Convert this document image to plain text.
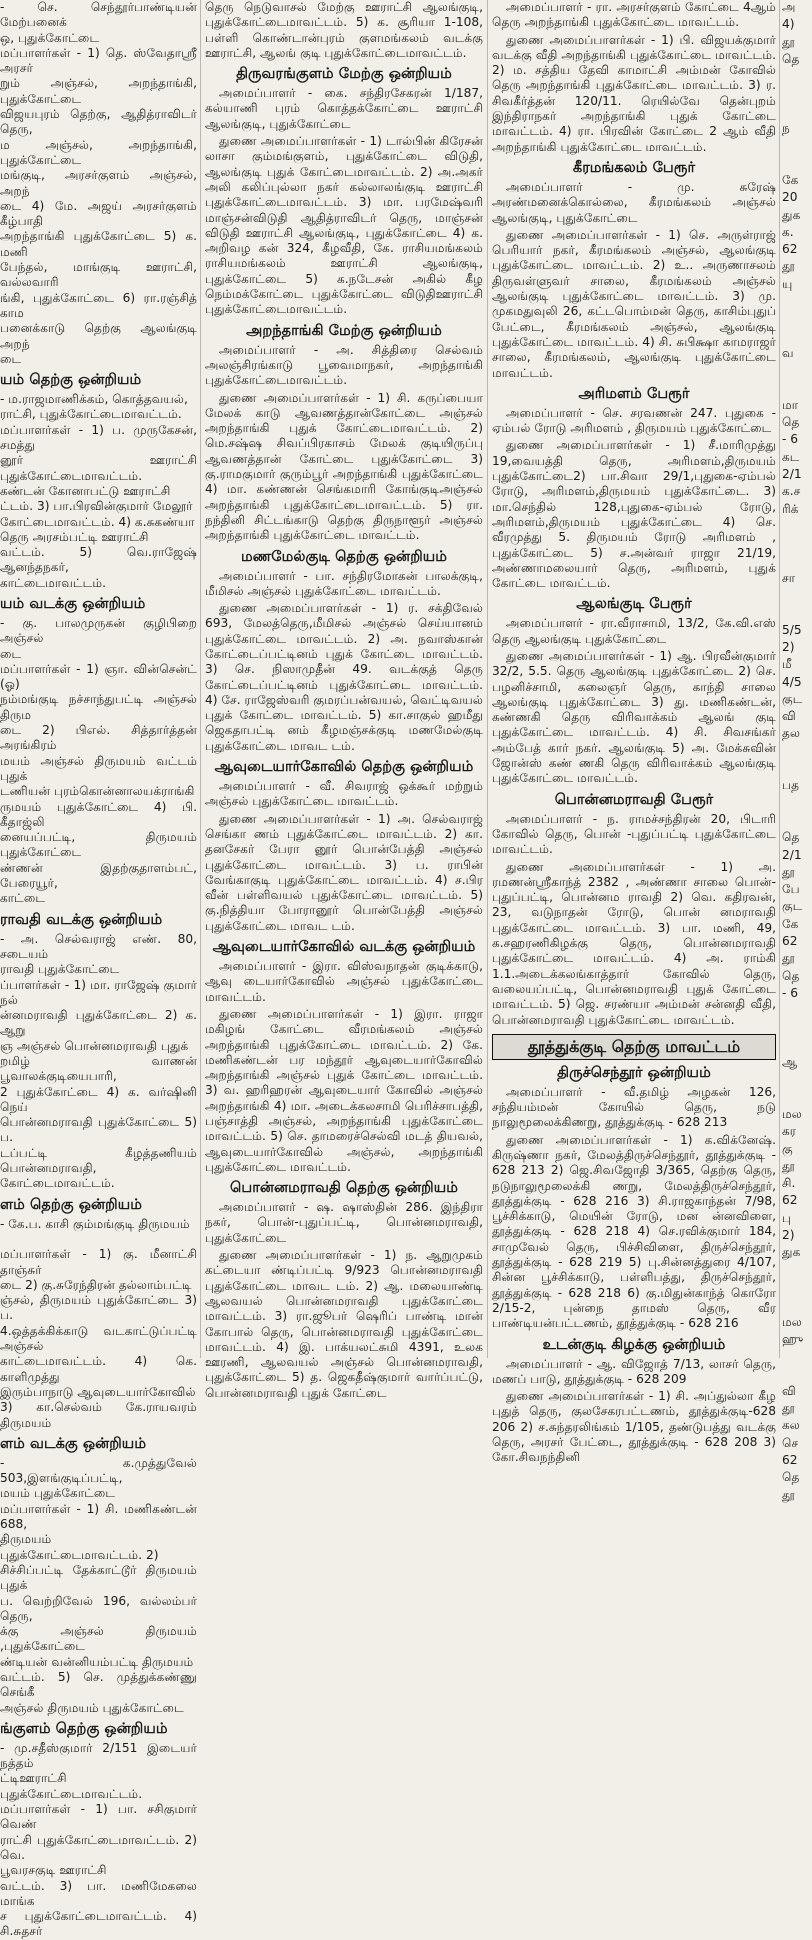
- செ. செந்தூர்பாண்டியன் மேற்பனைக்
ஒ, புதுக்கோட்டை
மப்பாளர்கள் - 1) தெ. ஸ்வேதாஸ்ரீ அரசர்
றும் அஞ்சல், அறந்தாங்கி, புதுக்கோட்டை
விஜயபுரம் தெற்கு, ஆதித்ராவிடர் தெரு,
ம அஞ்சல், அறந்தாங்கி, புதுக்கோட்டை
மங்குடி, அரசர்குளம் அஞ்சல், அறந்
டை 4) மே. அஜய் அரசர்குளம் கீழ்பாதி
அறந்தாங்கி புதுக்கோட்டை 5) க. மணி
பேந்தல், மாங்குடி ஊராட்சி, வல்லவாரி
ங்கி, புதுக்கோட்டை 6) ரா.ரஞ்சித் காம
பனைக்காடு தெற்கு ஆலங்குடி அறந்
டை
யம் தெற்கு ஒன்றியம்
- ம.ராஜமாணிக்கம், கொத்தவயல்,
ராட்சி, புதுக்கோட்டைமாவட்டம்.
மப்பாளர்கள் - 1) ப. முருகேசன், சமத்து
னூர் ஊராட்சி புதுக்கோட்டைமாவட்டம்.
கண்டன் கோனாபட்டு ஊராட்சி
ட்டம். 3) பா.பிரவின்குமார் மேலூர்
கோட்டைமாவட்டம். 4) க.சுகண்யா
தெரு அரசம்பட்டி ஊராட்சி
வட்டம். 5) வெ.ராஜேஷ் ஆனந்தநகர்,
காட்டைமாவட்டம்.
யம் வடக்கு ஒன்றியம்
- கு. பாலமுருகன் குழிபிறை அஞ்சல்
டை
மப்பாளர்கள் - 1) ஞா. வின்சென்ட் (ஓ)
நம்மங்குடி நச்சாந்துபட்டி அஞ்சல் திரும
டை 2) பிஎல். சித்தார்த்தன் அரங்கிரம்
மயம் அஞ்சல் திருமயம் வட்டம் புதுக்
டணியன் புரம்கொன்னாலயக்ராங்கி
ருமயம் புதுக்கோட்டை 4) பி. கீதாஜ்லி
னையப்பட்டி, திருமயம் புதுக்கோட்டை
ண்ணன் இதற்குதாளம்பட், பேரையூர்,
காட்டை
ராவதி வடக்கு ஒன்றியம்
- அ. செல்வராஜ் எண். 80, சடையம்
ராவதி புதுக்கோட்டை
ப்பாளர்கள் - 1) மா. ராஜேஷ் குமார் நல்
ன்னமராவதி புதுக்கோட்டை 2) க. ஆறு
ஞ அஞ்சல் பொன்னமராவதி புதுக்
றமிழ் வாணன் பூவாலக்குடியைபாரி,
2 புதுக்கோட்டை 4) க. வர்ஷினி நெய்
பொன்னமராவதி புதுக்கோட்டை 5) ப.
டப்பட்டி கீழத்தணியம் பொன்னமராவதி,
கோட்டைமாவட்டம்.
ளம் தெற்கு ஒன்றியம்
- கே.ப. காசி கும்மங்குடி திருமயம்

மப்பாளர்கள் - 1) கு. மீனாட்சி தாஞ்சுர்
டை 2) கு.சுரேந்திரன் தல்லாம்பட்டி
ஞ்சல், திருமயம் புதுக்கோட்டை 3) ப.
4.ஒத்தக்கிக்காடு வடகாட்டுப்பட்டி அஞ்சல்
காட்டைமாவட்டம். 4) கெ. காளிமுத்து
இரும்பாநாடு ஆவுடையார்கோவில்
3) கா.செல்வம் கே.ராயவரம் திருமயம்
ளம் வடக்கு ஒன்றியம்
- க.முத்துவேல் 503,இளங்குடிப்பட்டி,
மயம் புதுக்கோட்டை
மப்பாளர்கள் - 1) சி. மணிகண்டன் 688,
திருமயம் புதுக்கோட்டைமாவட்டம். 2)
சிச்சிப்பட்டி தேக்காட்டூர் திருமயம் புதுக்
ப. வெற்றிவேல் 196, வல்லம்பர் தெரு,
க்கு அஞ்சல் திருமயம் ,புதுக்கோட்டை
ண்டியன் வன்னியம்பட்டி திருமயம்
வட்டம். 5) செ. முத்துக்கண்ணு செங்கீ
அஞ்சல் திருமயம் புதுக்கோட்டை
ங்குளம் தெற்கு ஒன்றியம்
- மு.சதீஸ்குமார் 2/151 இடையர் நத்தம்
ட்டிஊராட்சி புதுக்கோட்டைமாவட்டம்.
மப்பாளர்கள் - 1) பா. சசிகுமார் வெண்
ராட்சி புதுக்கோட்டைமாவட்டம். 2) வெ.
பூவரசகுடி ஊராட்சி
வட்டம். 3) பா. மணிமேகலை மாங்க
ச புதுக்கோட்டைமாவட்டம். 4) சி.சுதசர்

தெரு நெடுவாசல் மேற்கு ஊராட்சி ஆலங்குடி, புதுக்கோட்டைமாவட்டம். 5) க. சூரியா 1-108, பள்ளி கொண்டான்புரம் குளமங்கலம் வடக்கு ஊராட்சி, ஆலங் குடி புதுக்கோட்டைமாவட்டம்.

திருவரங்குளம் மேற்கு ஒன்றியம்

அமைப்பாளர் - கை. சந்திரசேகரன் 1/187, கல்யாணி புரம் கொத்தக்கோட்டை ஊராட்சி ஆலங்குடி, புதுக்கோட்டை

துணை அமைப்பாளர்கள் - 1) டால்பின் கிரேசன் லாசா கும்மங்குளம், புதுக்கோட்டை விடுதி, ஆலங்குடி புதுக் கோட்டைமாவட்டம். 2) அ.அகர் அலி கலிப்புல்லா நகர் கல்லாலங்குடி ஊராட்சி புதுக்கோட்டைமாவட்டம். 3) மா. பரமேஷ்வரி மாஞ்சன்விடுதி ஆதித்ராவிடர் தெரு, மாஞ்சன் விடுதி ஊராட்சி ஆலங்குடி, புதுக்கோட்டை 4) க. அறிவழ கன் 324, கீழவீதி, கே. ராசியமங்கலம் ராசியமங்கலம் ஊராட்சி ஆலங்குடி, புதுக்கோட்டை 5) க.நடேசன் அகில் கீழ நெம்மக்கோட்டை புதுக்கோட்டை விடுதிஊராட்சி புதுக்கோட்டைமாவட்டம்.

அறந்தாங்கி மேற்கு ஒன்றியம்

அமைப்பாளர் - அ. சித்திரை செல்வம் அலஞ்சிரங்காடு பூவைமாநகர், அறந்தாங்கி புதுக்கோட்டைமாவட்டம்.

துணை அமைப்பாளர்கள் - 1) சி. கருப்பையா மேலக் காடு ஆவணத்தான்கோட்டை அஞ்சல் அறந்தாங்கி புதுக் கோட்டைமாவட்டம். 2) மெ.சஷ்ஷ சிவப்பிரகாசம் மேலக் குடியிருப்பு ஆவணத்தான் கோட்டை புதுக்கோட்டை 3) கு.ராமகுமார் குரும்பூர் அறந்தாங்கி புதுக்கோட்டை 4) மா. கண்ணன் செங்கமாரி கோங்குடிஅஞ்சல் அறந்தாங்கி புதுக்கோட்டைமாவட்டம். 5) ரா. நந்தினி சிட்டங்காடு தெற்கு திருநாளூர் அஞ்சல் அறந்தாங்கி புதுக்கோட்டை மாவட்டம்.

மணமேல்குடி தெற்கு ஒன்றியம்

அமைப்பாளர் - பா. சந்திரமோகன் பாலக்குடி, மீமிசல் அஞ்சல் புதுக்கோட்டை மாவட்டம்.

துணை அமைப்பாளர்கள் - 1) ர. சக்திவேல் 693, மேலத்தெரு,மீமிசல் அஞ்சல் செய்யானம் புதுக்கோட்டை மாவட்டம். 2) அ. நவாஸ்கான் கோட்டைப்பட்டினம் புதுக் கோட்டை மாவட்டம். 3) செ. நிஸாமுதீன் 49. வடக்குத் தெரு கோட்டைப்பட்டினம் புதுக்கோட்டை மாவட்டம். 4) சே. ராஜேஸ்வரி குமரப்பன்வயல், வெட்டிவயல் புதுக் கோட்டை மாவட்டம். 5) கா.சாகுல் ஹமீது ஜெகதாபட்டி னம் கீழமஞ்சக்குடி மணமேல்குடி புதுக்கோட்டை மாவட டம்.

ஆவுடையார்கோவில் தெற்கு ஒன்றியம்

அமைப்பாளர் - வீ. சிவராஜ் ஒக்கூர் மற்றும் அஞ்சல் புதுக்கோட்டை மாவட்டம்.

துணை அமைப்பாளர்கள் - 1) அ. செல்வராஜ் செங்கா ணம் புதுக்கோட்டை மாவட்டம். 2) கா. தனசேகர் பேரா னூர் பொன்பேத்தி அஞ்சல் புதுக்கோட்டை மாவட்டம். 3) ப. ராபின் வேங்காகுடி புதுக்கோட்டை மாவட்டம். 4) ச.பிர வீன் பள்ளிவயல் புதுக்கோட்டை மாவட்டம். 5) கு.நித்தியா போரானூர் பொன்பேத்தி அஞ்சல் புதுக்கோட்டை மாவட டம்.

ஆவுடையார்கோவில் வடக்கு ஒன்றியம்

அமைப்பாளர் - இரா. விஸ்வநாதன் குடிக்காடு, ஆவு டையார்கோவில் அஞ்சல் புதுக்கோட்டை மாவட்டம்.

துணை அமைப்பாளர்கள் - 1) இரா. ராஜா மகிழங் கோட்டை வீரமங்கலம் அஞ்சல் அறந்தாங்கி புதுக்கோட்டை மாவட்டம். 2) கே. மணிகண்டன் பர மந்தூர் ஆவுடையார்கோவில் அறந்தாங்கி அஞ்சல் புதுக் கோட்டை மாவட்டம். 3) வ. ஹரிஹரன் ஆவுடையார் கோவில் அஞ்சல் அறந்தாங்கி 4) மா. அடைக்கலசாமி பெரிச்சாபத்தி, பஞ்சாத்தி அஞ்சல், அறந்தாங்கி புதுக்கோட்டை மாவட்டம். 5) செ. தாமரைச்செல்வி மடத் தியவல், ஆவுடையார்கோவில் அஞ்சல், அறந்தாங்கி புதுக்கோட்டை மாவட்டம்.

பொன்னமராவதி தெற்கு ஒன்றியம்

அமைப்பாளர் - ஷ. ஷாஸ்தின் 286. இந்திரா நகர், பொன்-புதுப்பட்டி, பொன்னமராவதி, புதுக்கோட்டை

துணை அமைப்பாளர்கள் - 1) ந. ஆறுமுகம் கட்டையா ண்டிப்பட்டி 9/923 பொன்னமராவதி புதுக்கோட்டை மாவட டம். 2) ஆ. மலையாண்டி ஆலவயல் பொன்னமராவதி புதுக்கோட்டை மாவட்டம். 3) ரா.ஜூபர் ஷெரிப் பாண்டி மான் கோபால் தெரு, பொன்னமராவதி புதுக்கோட்டை மாவட்டம். 4) இ. பாக்யலட்சுமி 4391, உலக ஊரணி, ஆலவயல் அஞ்சல் பொன்னமராவதி, புதுக்கோட்டை 5) த. ஜெகதீஷ்குமார் வார்ப்பட்டு, பொன்னமராவதி புதுக் கோட்டை

அமைப்பாளர் - ரா. அரசர்குளம் கோட்டை 4ஆம் தெரு அறந்தாங்கி புதுக்கோட்டை மாவட்டம்.

துணை அமைப்பாளர்கள் - 1) பி. விஜயக்குமார் வடக்கு வீதி அறந்தாங்கி புதுக்கோட்டை மாவட்டம். 2) ம. சத்திய தேவி காமாட்சி அம்மன் கோவில் தெரு அறந்தாங்கி புதுக்கோட்டை மாவட்டம். 3) ர. சிவகீர்த்தன் 120/11. ரெயில்வே தென்புறம் இந்திராநகர் அறந்தாங்கி புதுக் கோட்டை மாவட்டம். 4) ரா. பிரவின் கோட்டை 2 ஆம் வீதி அறந்தாங்கி புதுக்கோட்டை மாவட்டம்.

கீரமங்கலம் பேரூர்

அமைப்பாளர் - மு. சுரேஷ் அரண்மனைக்கொல்லை, கீரமங்கலம் அஞ்சல் ஆலங்குடி, புதுக்கோட்டை

துணை அமைப்பாளர்கள் - 1) செ. அருள்ராஜ் பெரியார் நகர், கீரமங்கலம் அஞ்சல், ஆலங்குடி புதுக்கோட்டை மாவட்டம். 2) உ.. அருணாசலம் திருவள்ளுவர் சாலை, கீரமங்கலம் அஞ்சல் ஆலங்குடி புதுக்கோட்டை மாவட்டம். 3) மு. முகமதுவுலி 26, கட்டபொம்மன் தெரு, காசிம்புதுப் பேட்டை, கீரமங்கலம் அஞ்சல், ஆலங்குடி புதுக்கோட்டை மாவட்டம். 4) சி. சுபிக்ஷா காமராஜர் சாலை, கீரமங்கலம், ஆலங்குடி புதுக்கோட்டை மாவட்டம்.

அரிமளம் பேரூர்

அமைப்பாளர் - செ. சரவணன் 247. புதுகை - ஏம்பல் ரோடு அரிமளம் , திருமயம் புதுக்கோட்டை

துணை அமைப்பாளர்கள் - 1) சீ.மாரிமுத்து 19,வையத்தி தெரு, அரிமளம்,திருமயம் புதுக்கோட்டை2) பா.சிவா 29/1,புதுகை-ஏம்பல் ரோடு, அரிமளம்,திருமயம் புதுக்கோட்டை. 3) மா.செந்தில் 128,புதுகை-ஏம்பல் ரோடு, அரிமளம்,திருமயம் புதுக்கோட்டை 4) செ. வீரமுத்து 5. திருமயம் ரோடு அரிமளம் , புதுக்கோட்டை 5) ச.அன்வர் ராஜா 21/19, அண்ணாமலையார் தெரு, அரிமளம், புதுக் கோட்டை மாவட்டம்.

ஆலங்குடி பேரூர்

அமைப்பாளர் - ரா.வீராசாமி, 13/2, கே.வி.எஸ் தெரு ஆலங்குடி புதுக்கோட்டை

துணை அமைப்பாளர்கள் - 1) ஆ. பிரவீன்குமார் 32/2, 5.5. தெரு ஆலங்குடி புதுக்கோட்டை 2) செ. பழனிச்சாமி, கலைஞர் தெரு, காந்தி சாலை ஆலங்குடி புதுக்கோட்டை 3) து. மணிகண்டன், கண்ணகி தெரு விரிவாக்கம் ஆலங் குடி புதுக்கோட்டை மாவட்டம். 4) சி. சிவசங்கர் அம்பேத் கார் நகர். ஆலங்குடி 5) அ. மேக்சுவின் ஜோன்ஸ் கண் ணகி தெரு விரிவாக்கம் ஆலங்குடி புதுக்கோட்டை மாவட்டம்.

பொன்னமராவதி பேரூர்

அமைப்பாளர் - ந. ராமச்சந்திரன் 20, பிடாரி கோவில் தெரு, பொன் -புதுப்பட்டி புதுக்கோட்டை மாவட்டம்.

துணை அமைப்பாளர்கள் - 1) அ. ரமணன்ஸ்ரீகாந்த் 2382 , அண்ணா சாலை பொன்-புதுப்பட்டி, பொன்னம ராவதி 2) வெ. கதிரவன், 23, வடுநாதன் ரோடு, பொன் னமராவதி புதுக்கோட்டை மாவட்டம். 3) பா. மணி, 49, க.சஹரணிகிழக்கு தெரு, பொன்னமராவதி புதுக்கோட்டை மாவட்டம். 4) அ. ராம்கி 1.1.அடைக்கலங்காத்தார் கோவில் தெரு, வலையப்பட்டி, பொன்னமராவதி புதுக் கோட்டை மாவட்டம். 5) ஜெ. சரண்யா அம்மன் சன்னதி வீதி, பொன்னமராவதி புதுக்கோட்டை மாவட்டம்.

தூத்துக்குடி தெற்கு மாவட்டம்
திருச்செந்தூர் ஒன்றியம்

அமைப்பாளர் - வீ.தமிழ் அழகன் 126, சந்தியம்மன் கோயில் தெரு, நடு நாலுமூலைக்கிணறு, தூத்துக்குடி - 628 213

துணை அமைப்பாளர்கள் - 1) க.விக்னேஷ். கிருஷ்ணா நகர், மேலத்திருச்செந்தூர், தூத்துக்குடி - 628 213 2) ஜெ.சிவஜோதி 3/365, தெற்கு தெரு, நடுநாலுமூலைக்கி ணறு, மேலத்திருச்செந்தூர், தூத்துக்குடி - 628 216 3) சி.ராஜகாந்தன் 7/98, பூச்சிக்காடு, மெயின் ரோடு, மன ன்னவிளை, தூத்துக்குடி - 628 218 4) செ.ரவிக்குமார் 184, சாமுவேல் தெரு, பிச்சிவிளை, திருச்செந்தூர், தூத்துக்குடி - 628 219 5) பு.சின்னத்துரை 4/107, சின்ன பூச்சிக்காடு, பள்ளிபத்து, திருச்செந்தூர், தூத்துக்குடி - 628 218 6) கு.மிதுன்காந்த் கொரோ 2/15-2, புன்நை தாமஸ் தெரு, வீர பாண்டியன்பட்டணம், தூத்துக்குடி - 628 216

உடன்குடி கிழக்கு ஒன்றியம்

அமைப்பாளர் - ஆ. விஜோத் 7/13, லாசர் தெரு, மணப் பாடு, தூத்துக்குடி - 628 209

துணை அமைப்பாளர்கள் - 1) சி. அப்துல்லா கீழ புதுத் தெரு, குலசேகரபட்டணம், தூத்துக்குடி-628 206 2) ச.சுந்தரலிங்கம் 1/105, தண்டுபத்து வடக்கு தெரு, அரசர் பேட்டை, தூத்துக்குடி - 628 208 3) கோ.சிவநந்தினி

அ
4)
தூ
தெ

ந

கே
20
துக
க.
62
தூ
யு

வ

மா
தெ
- 6
கட
2/1
க.ச
ரிக்

சா

5/5
2)
மீ
4/5
குட
வி
தல

பத

தெ
2/1
தூ
பே
குட
கே
62
தூ
தெ
- 6

ஆ

மல
கர
கு
தூ
சி.
62
பு
2)
துக

மல
ஹு

வி
தூ
கல
செ
62
தெ
தூ
